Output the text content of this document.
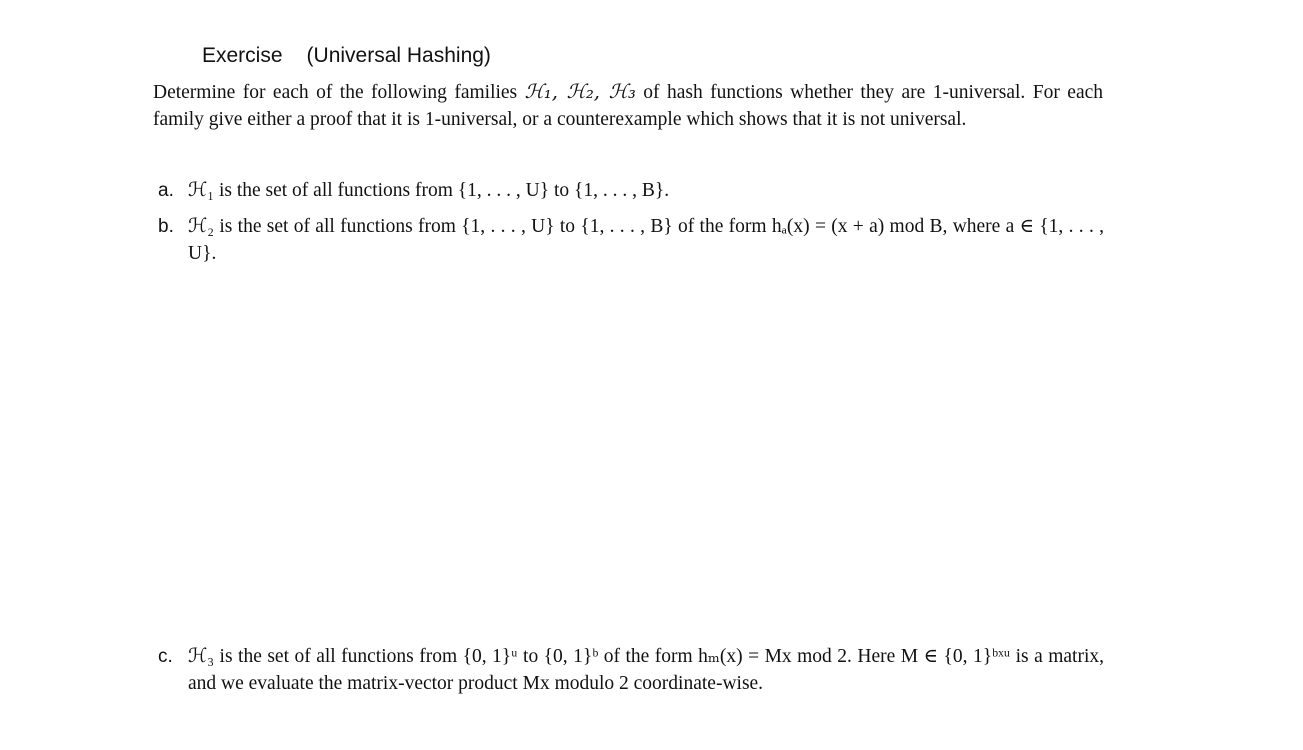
Exercise (Universal Hashing)
Determine for each of the following families ℋ₁, ℋ₂, ℋ₃ of hash functions whether they are 1-universal. For each family give either a proof that it is 1-universal, or a counterexample which shows that it is not universal.
a. ℋ₁ is the set of all functions from {1, . . . , U} to {1, . . . , B}.
b. ℋ₂ is the set of all functions from {1, . . . , U} to {1, . . . , B} of the form hₐ(x) = (x + a) mod B, where a ∈ {1, . . . , U}.
c. ℋ₃ is the set of all functions from {0, 1}ᵘ to {0, 1}ᵇ of the form hₘ(x) = Mx mod 2. Here M ∈ {0, 1}ᵇˣᵘ is a matrix, and we evaluate the matrix-vector product Mx modulo 2 coordinate-wise.
